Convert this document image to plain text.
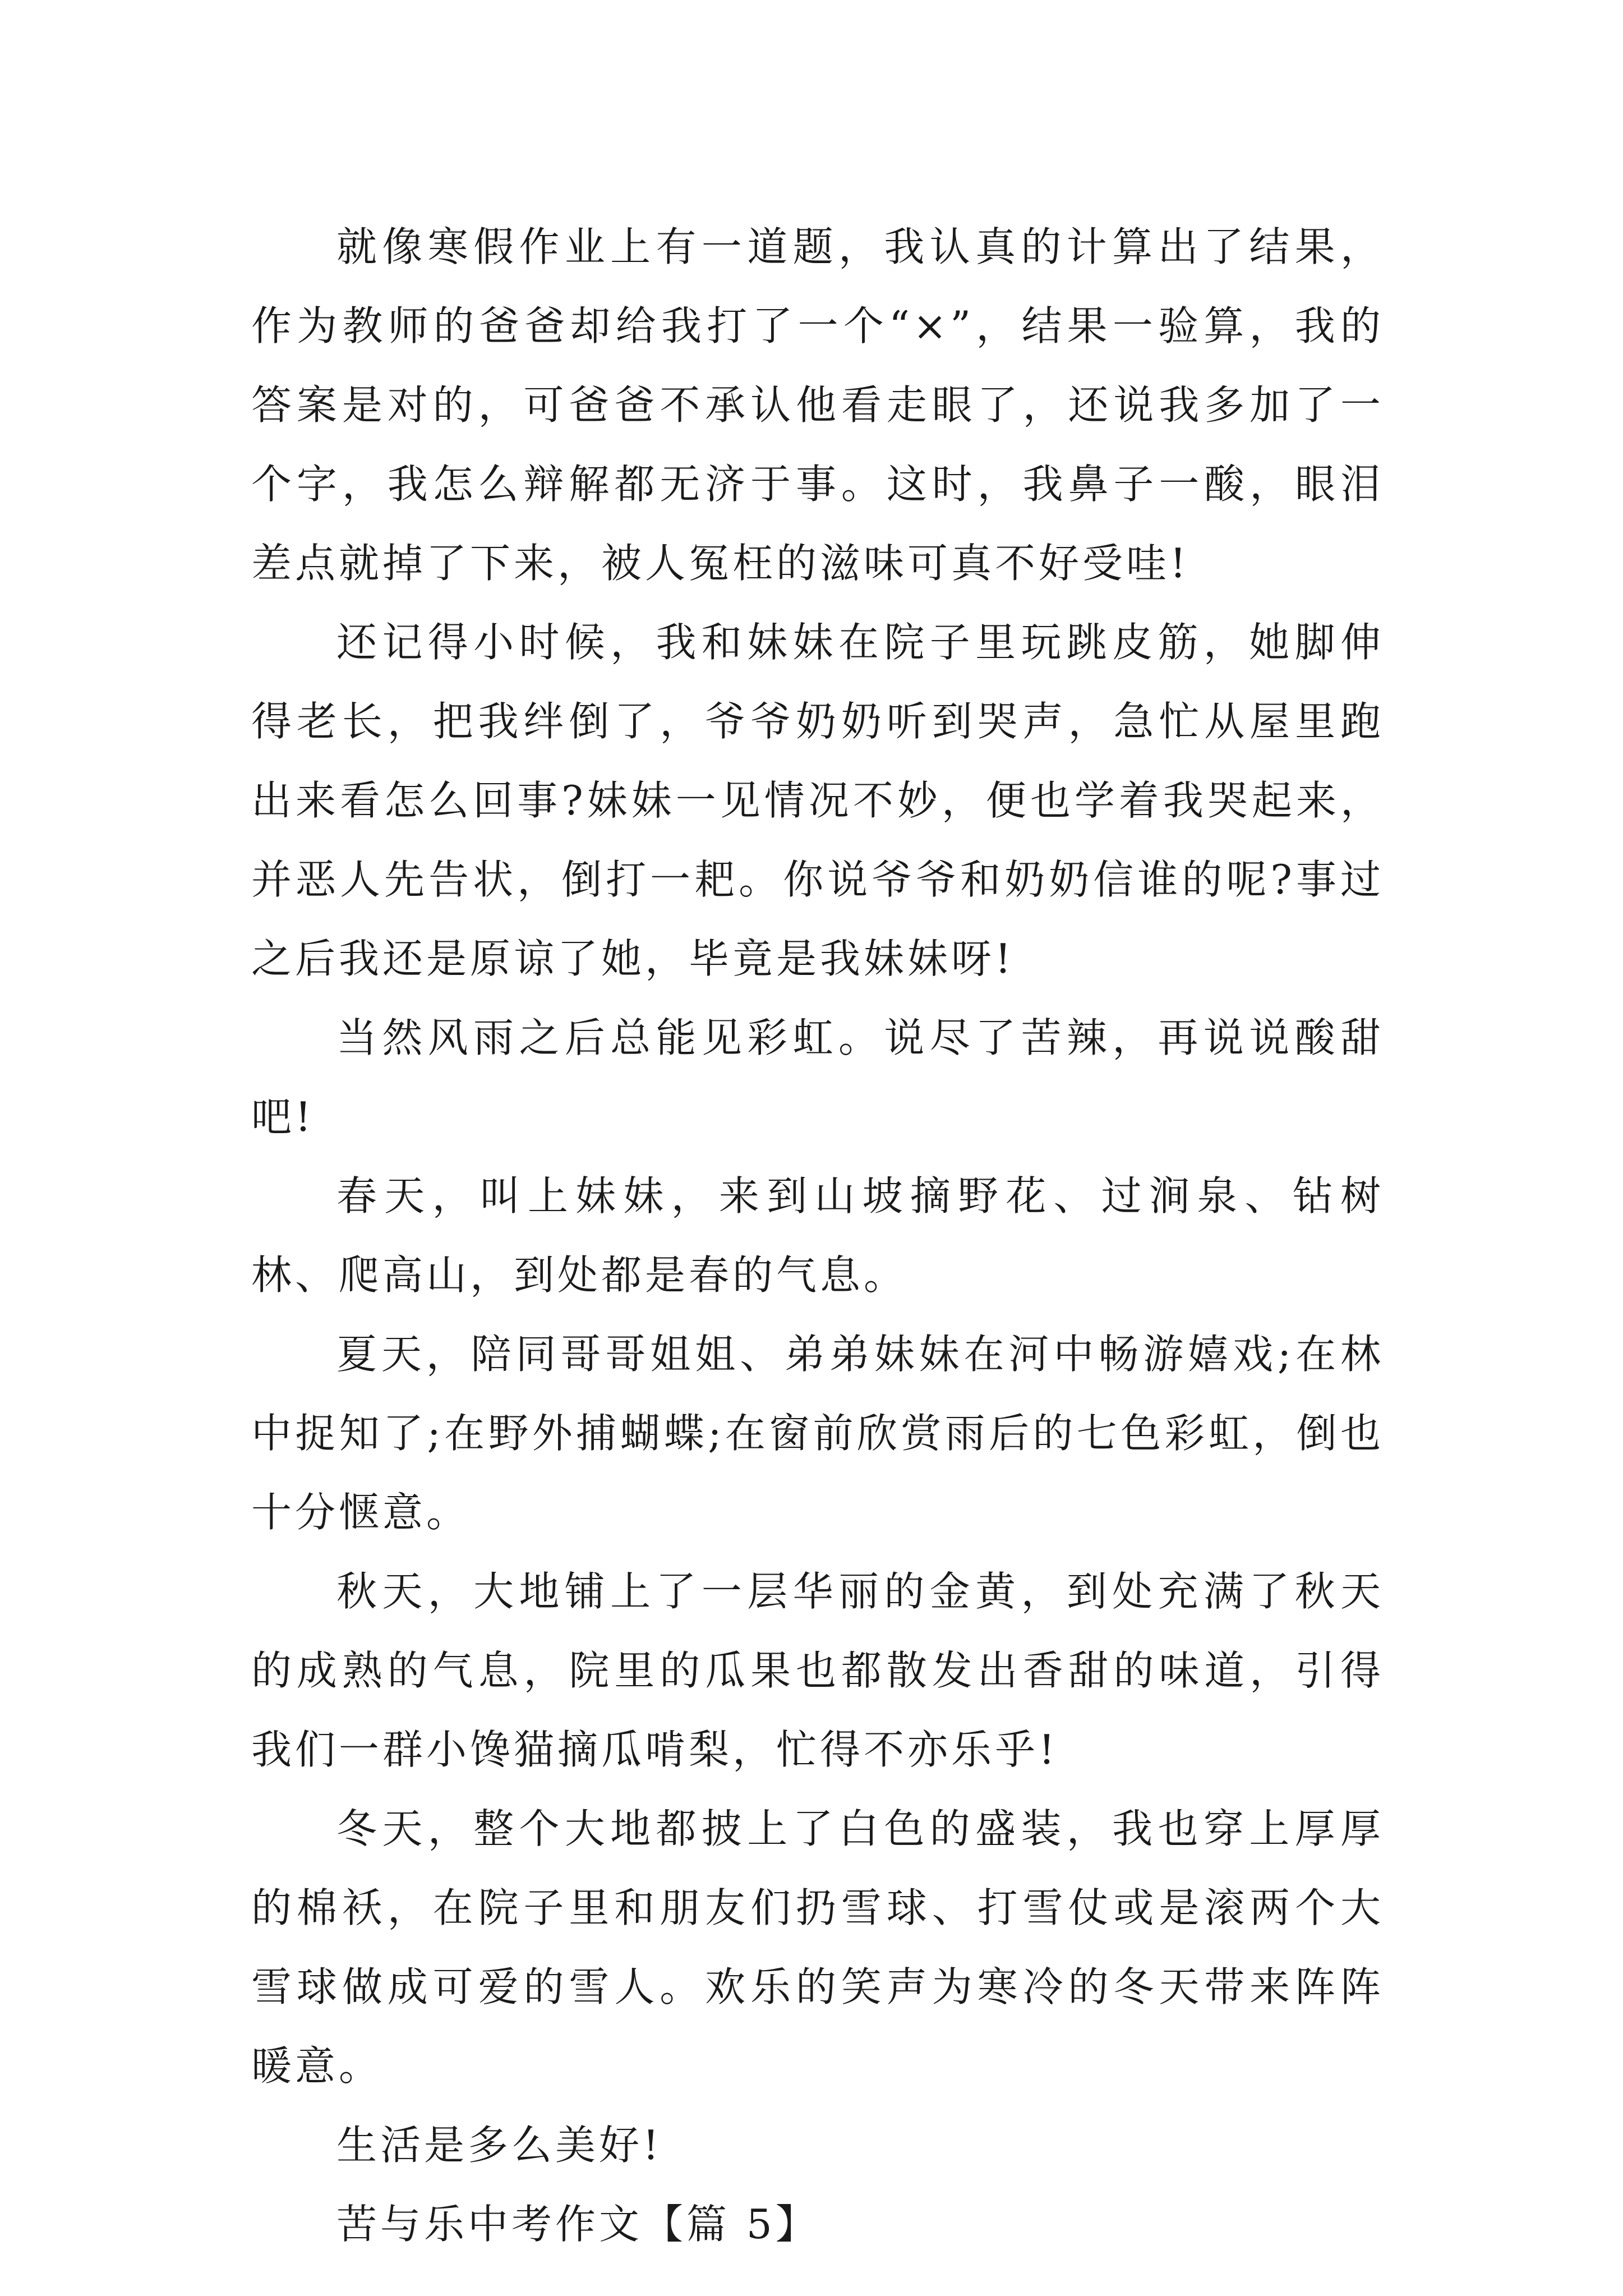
就像寒假作业上有一道题，我认真的计算出了结果，作为教师的爸爸却给我打了一个“×”，结果一验算，我的答案是对的，可爸爸不承认他看走眼了，还说我多加了一个字，我怎么辩解都无济于事。这时，我鼻子一酸，眼泪差点就掉了下来，被人冤枉的滋味可真不好受哇!

还记得小时候，我和妹妹在院子里玩跳皮筋，她脚伸得老长，把我绊倒了，爷爷奶奶听到哭声，急忙从屋里跑出来看怎么回事?妹妹一见情况不妙，便也学着我哭起来，并恶人先告状，倒打一耙。你说爷爷和奶奶信谁的呢?事过之后我还是原谅了她，毕竟是我妹妹呀!

当然风雨之后总能见彩虹。说尽了苦辣，再说说酸甜吧!

春天，叫上妹妹，来到山坡摘野花、过涧泉、钻树林、爬高山，到处都是春的气息。

夏天，陪同哥哥姐姐、弟弟妹妹在河中畅游嬉戏;在林中捉知了;在野外捕蝴蝶;在窗前欣赏雨后的七色彩虹，倒也十分惬意。

秋天，大地铺上了一层华丽的金黄，到处充满了秋天的成熟的气息，院里的瓜果也都散发出香甜的味道，引得我们一群小馋猫摘瓜啃梨，忙得不亦乐乎!

冬天，整个大地都披上了白色的盛装，我也穿上厚厚的棉袄，在院子里和朋友们扔雪球、打雪仗或是滚两个大雪球做成可爱的雪人。欢乐的笑声为寒冷的冬天带来阵阵暖意。

生活是多么美好!

苦与乐中考作文【篇 5】
